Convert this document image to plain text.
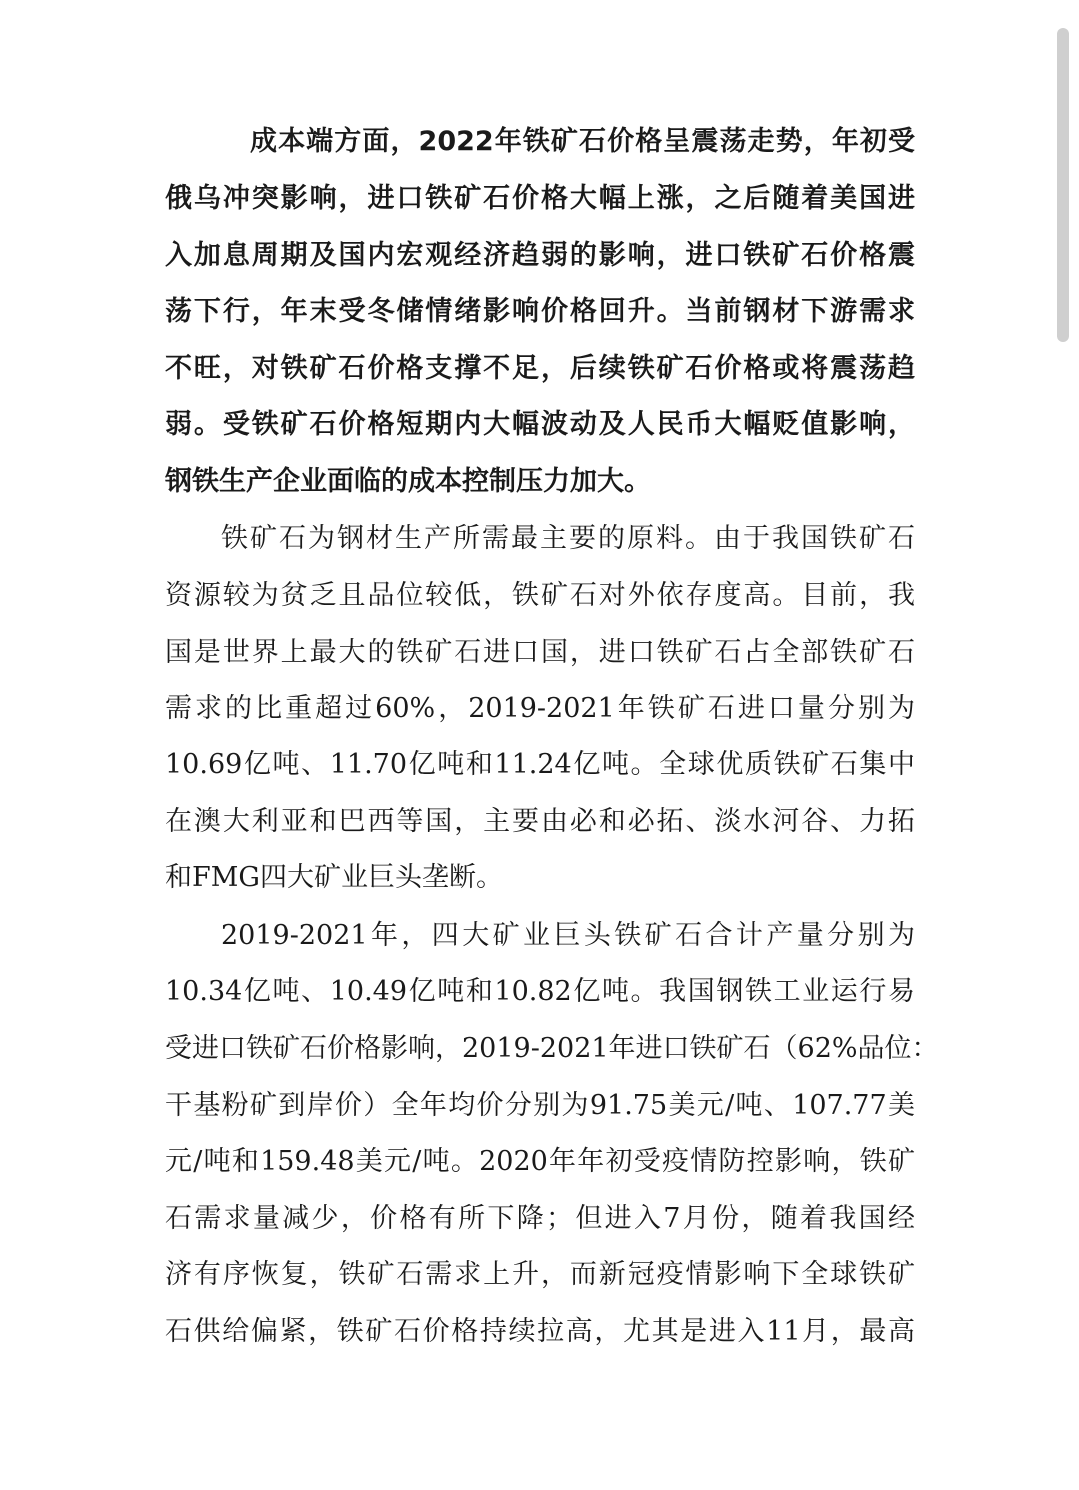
成本端方面，2022年铁矿石价格呈震荡走势，年初受
俄乌冲突影响，进口铁矿石价格大幅上涨，之后随着美国进
入加息周期及国内宏观经济趋弱的影响，进口铁矿石价格震
荡下行，年末受冬储情绪影响价格回升。当前钢材下游需求
不旺，对铁矿石价格支撑不足，后续铁矿石价格或将震荡趋
弱。受铁矿石价格短期内大幅波动及人民币大幅贬值影响，
钢铁生产企业面临的成本控制压力加大。
铁矿石为钢材生产所需最主要的原料。由于我国铁矿石
资源较为贫乏且品位较低，铁矿石对外依存度高。目前，我
国是世界上最大的铁矿石进口国，进口铁矿石占全部铁矿石
需求的比重超过60%，2019-2021年铁矿石进口量分别为
10.69亿吨、11.70亿吨和11.24亿吨。全球优质铁矿石集中
在澳大利亚和巴西等国，主要由必和必拓、淡水河谷、力拓
和FMG四大矿业巨头垄断。
2019-2021年，四大矿业巨头铁矿石合计产量分别为
10.34亿吨、10.49亿吨和10.82亿吨。我国钢铁工业运行易
受进口铁矿石价格影响，2019-2021年进口铁矿石（62%品位：
干基粉矿到岸价）全年均价分别为91.75美元/吨、107.77美
元/吨和159.48美元/吨。2020年年初受疫情防控影响，铁矿
石需求量减少，价格有所下降；但进入7月份，随着我国经
济有序恢复，铁矿石需求上升，而新冠疫情影响下全球铁矿
石供给偏紧，铁矿石价格持续拉高，尤其是进入11月，最高
